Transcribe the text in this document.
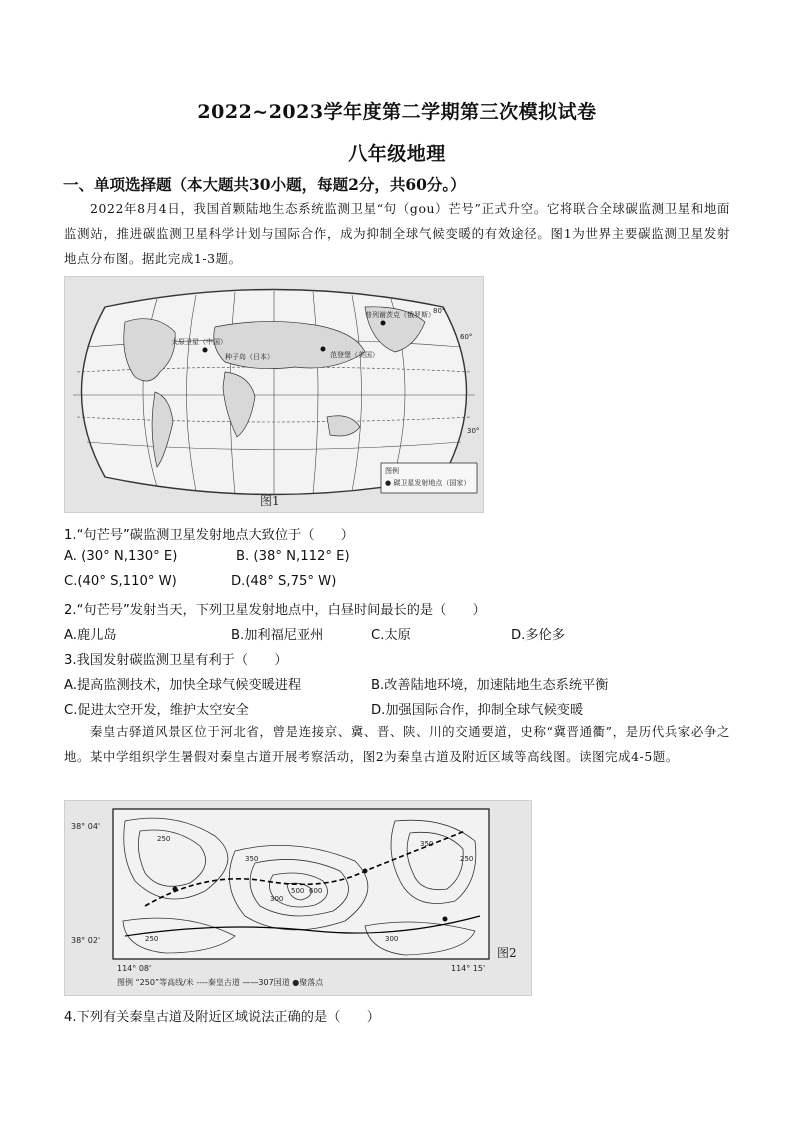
2022~2023学年度第二学期第三次模拟试卷
八年级地理
一、单项选择题（本大题共30小题，每题2分，共60分。）
2022年8月4日，我国首颗陆地生态系统监测卫星“句（gou）芒号”正式升空。它将联合全球碳监测卫星和地面监测站，推进碳监测卫星科学计划与国际合作，成为抑制全球气候变暖的有效途径。图1为世界主要碳监测卫星发射地点分布图。据此完成1-3题。
太原卫星（中国）
种子岛（日本）	范登堡（美国）
普列谢茨克（俄罗斯）
80°
60°
30°
图例
● 碳卫星发射地点（国家）
图1
1.“句芒号”碳监测卫星发射地点大致位于（　　）
A. (30° N,130° E)	B. (38° N,112° E)
C.(40° S,110° W)	D.(48° S,75° W)
2.“句芒号”发射当天，下列卫星发射地点中，白昼时间最长的是（　　）
A.鹿儿岛	B.加利福尼亚州	C.太原	D.多伦多
3.我国发射碳监测卫星有利于（　　）
A.提高监测技术，加快全球气候变暖进程	B.改善陆地环境，加速陆地生态系统平衡
C.促进太空开发，维护太空安全	D.加强国际合作，抑制全球气候变暖
秦皇古驿道风景区位于河北省，曾是连接京、冀、晋、陕、川的交通要道，史称“冀晋通衢”，是历代兵家必争之地。某中学组织学生暑假对秦皇古道开展考察活动，图2为秦皇古道及附近区域等高线图。读图完成4-5题。
250
350
300
500 600
350
250	300
250
38° 04'
38° 02'
114° 08'	114° 15'
图例 “250”等高线/米 ----秦皇古道 ——307国道 ●聚落点
图2
4.下列有关秦皇古道及附近区域说法正确的是（　　）
